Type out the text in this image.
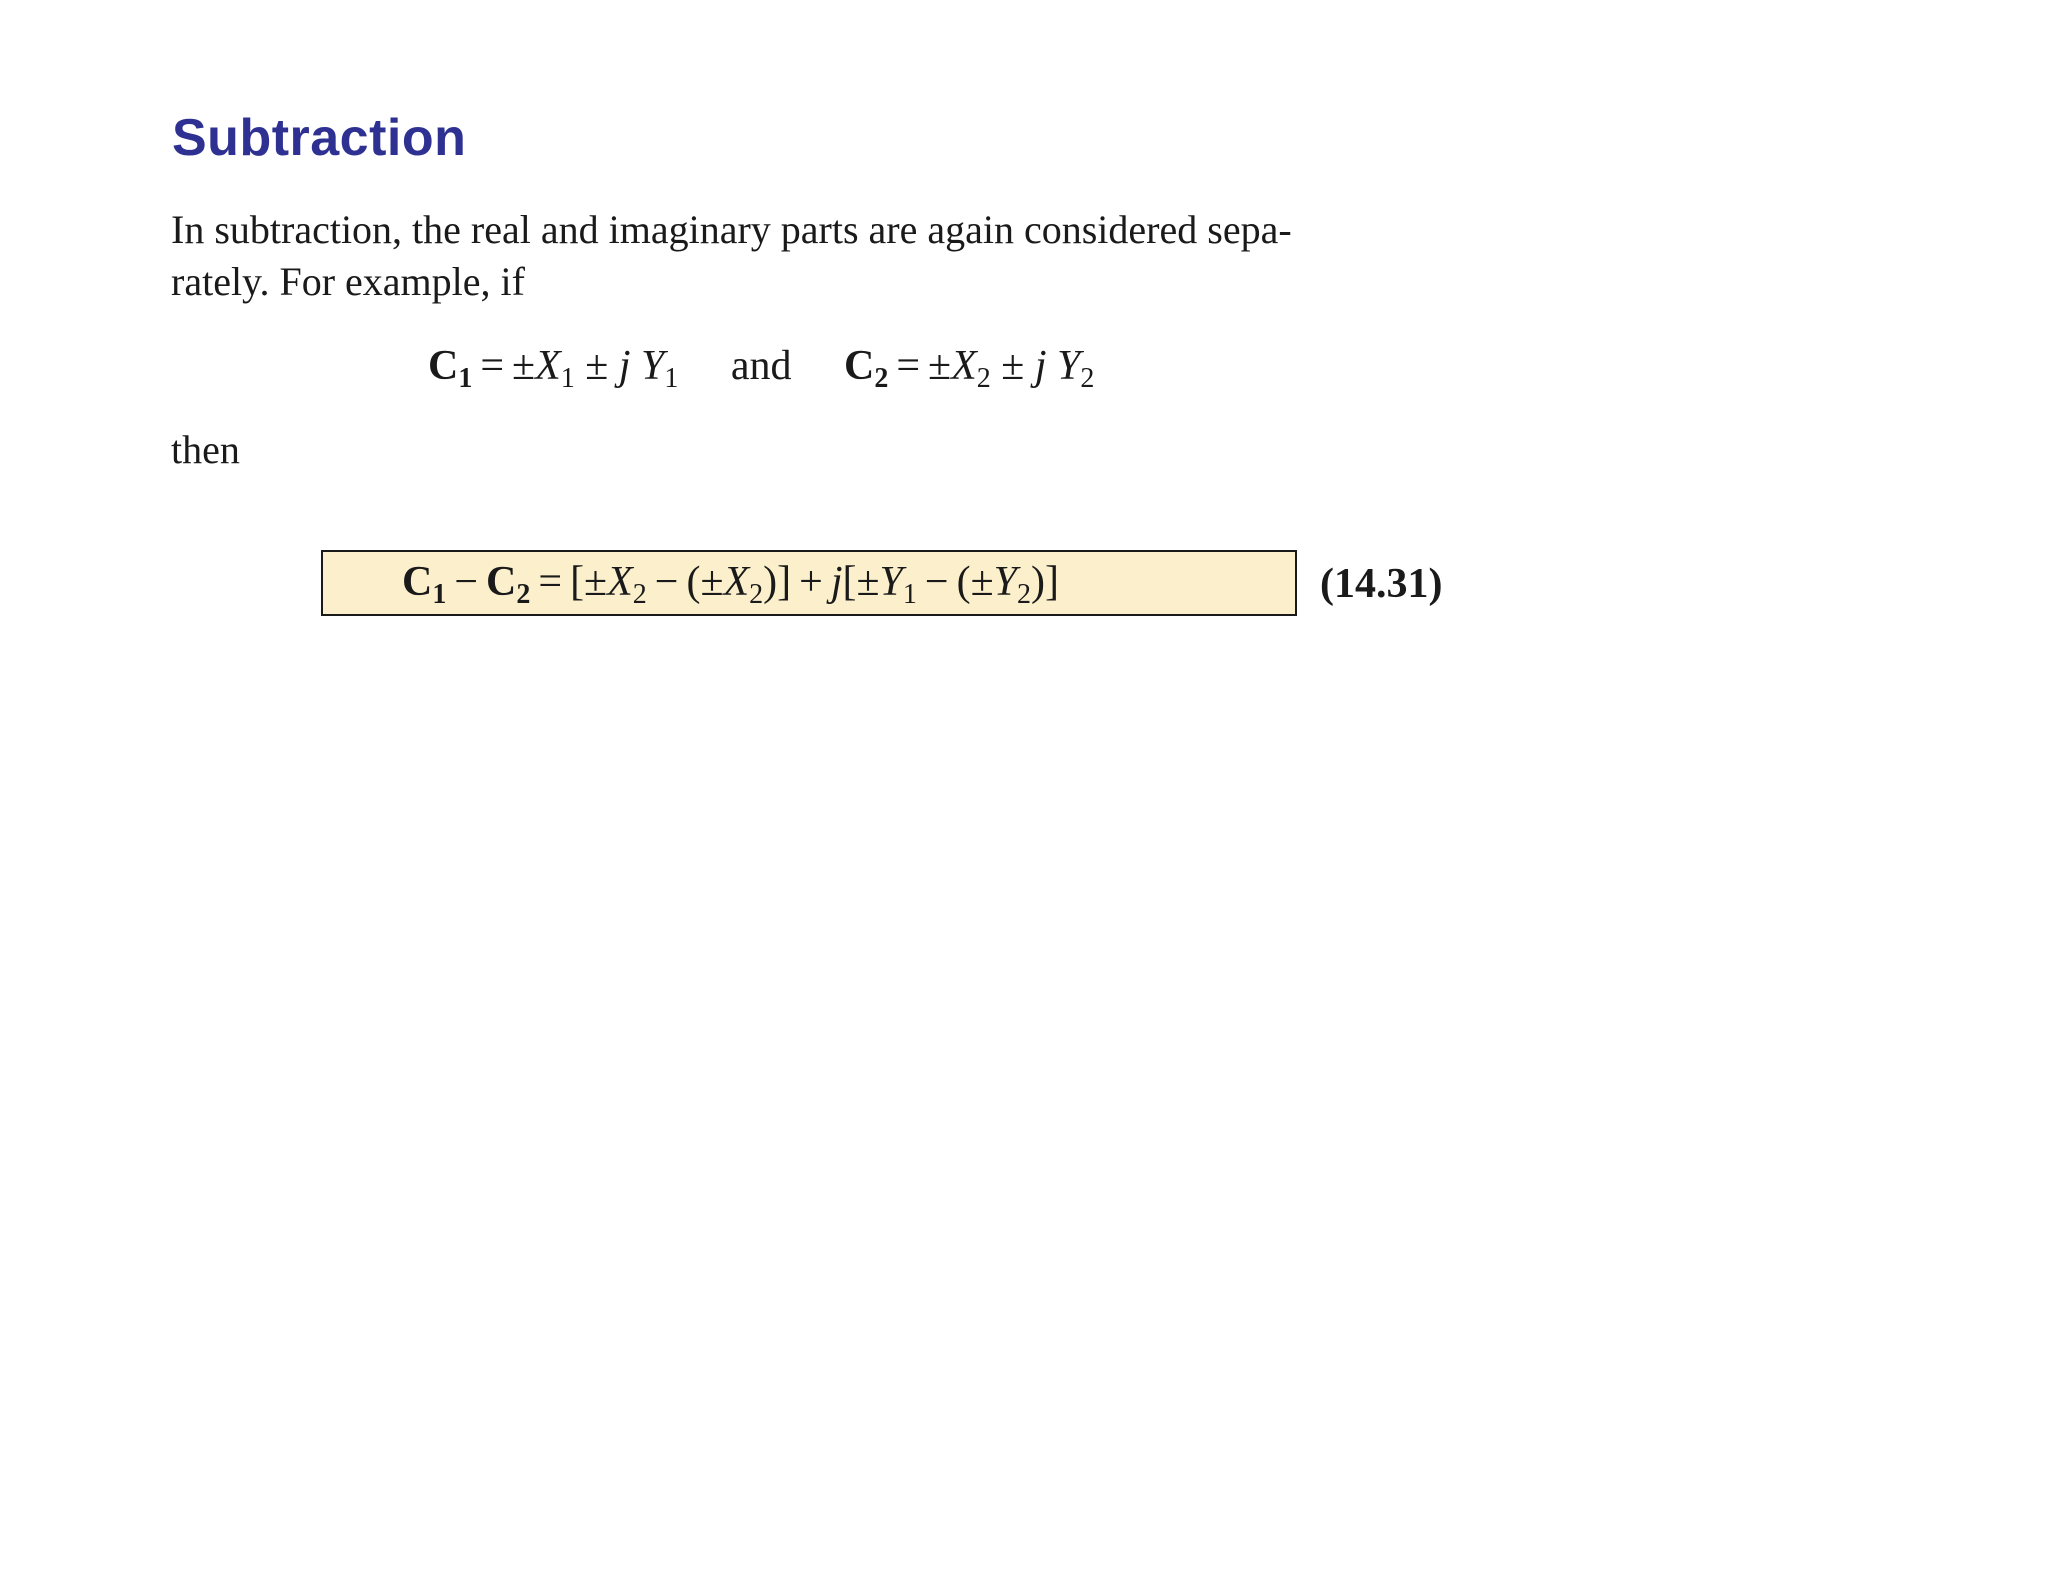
Subtraction
In subtraction, the real and imaginary parts are again considered sepa-
rately. For example, if
$C_1 = \pm X_1 \pm j$ $Y_1$ and $C_2 = \pm X_2 \pm j$ $Y_2$
then
$C_1 - C_2 = [\pm X_2 - (\pm X_2)] + j[\pm Y_1 - (\pm Y_2)]$	(14.31)
